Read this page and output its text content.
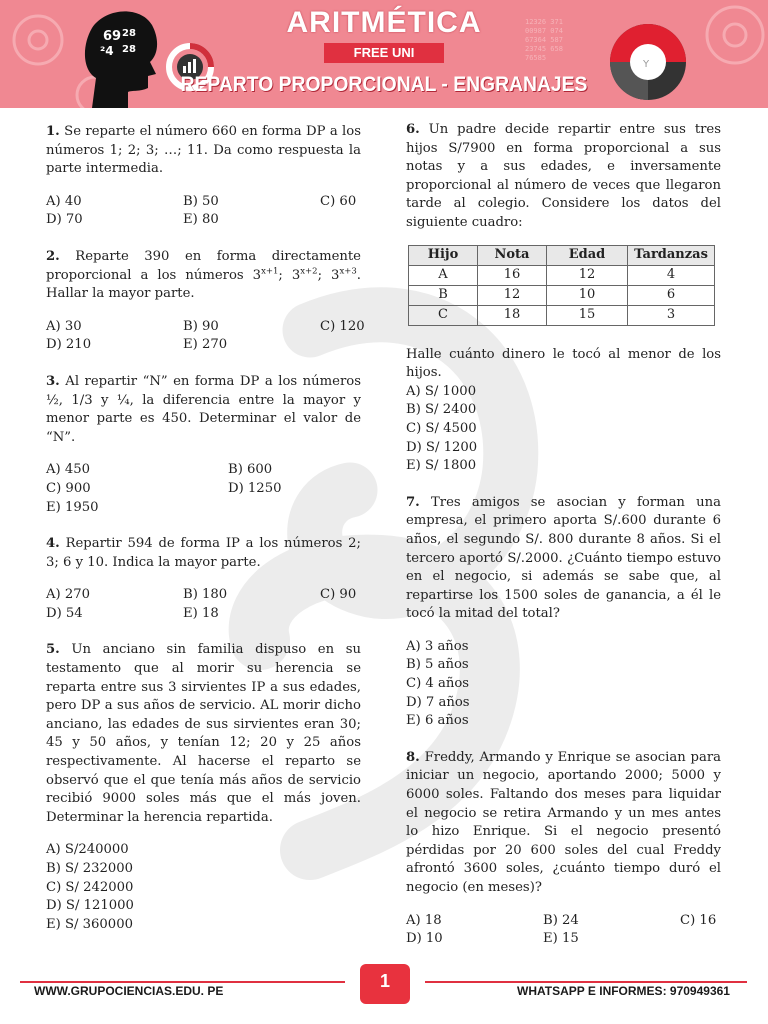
12326 371
00987 074
67364 587
23745 658
76585
69 28
²4 28
Y
ARITMÉTICA
FREE UNI
REPARTO PROPORCIONAL - ENGRANAJES

1. Se reparte el número 660 en forma DP a los números 1; 2; 3; …; 11. Da como respuesta la parte intermedia.

A) 40	B) 50	C) 60
D) 70	E) 80

2. Reparte 390 en forma directamente proporcional a los números $3^{x+1}$; $3^{x+2}$; $3^{x+3}$. Hallar la mayor parte.

A) 30	B) 90	C) 120
D) 210	E) 270

3. Al repartir “N” en forma DP a los números ½, 1/3 y ¼, la diferencia entre la mayor y menor parte es 450. Determinar el valor de “N”.

A) 450	B) 600
C) 900	D) 1250
E) 1950

4. Repartir 594 de forma IP a los números 2; 3; 6 y 10. Indica la mayor parte.

A) 270	B) 180	C) 90
D) 54	E) 18

5. Un anciano sin familia dispuso en su testamento que al morir su herencia se reparta entre sus 3 sirvientes IP a sus edades, pero DP a sus años de servicio. AL morir dicho anciano, las edades de sus sirvientes eran 30; 45 y 50 años, y tenían 12; 20 y 25 años respectivamente. Al hacerse el reparto se observó que el que tenía más años de servicio recibió 9000 soles más que el más joven. Determinar la herencia repartida.

A) S/240000
B) S/ 232000
C) S/ 242000
D) S/ 121000
E) S/ 360000

6. Un padre decide repartir entre sus tres hijos S/7900 en forma proporcional a sus notas y a sus edades, e inversamente proporcional al número de veces que llegaron tarde al colegio. Considere los datos del siguiente cuadro:

Hijo	Nota	Edad	Tardanzas
A	16	12	4
B	12	10	6
C	18	15	3

Halle cuánto dinero le tocó al menor de los hijos.

A) S/ 1000
B) S/ 2400
C) S/ 4500
D) S/ 1200
E) S/ 1800

7. Tres amigos se asocian y forman una empresa, el primero aporta S/.600 durante 6 años, el segundo S/. 800 durante 8 años. Si el tercero aportó S/.2000. ¿Cuánto tiempo estuvo en el negocio, si además se sabe que, al repartirse los 1500 soles de ganancia, a él le tocó la mitad del total?

A) 3 años
B) 5 años
C) 4 años
D) 7 años
E) 6 años

8. Freddy, Armando y Enrique se asocian para iniciar un negocio, aportando 2000; 5000 y 6000 soles. Faltando dos meses para liquidar el negocio se retira Armando y un mes antes lo hizo Enrique. Si el negocio presentó pérdidas por 20 600 soles del cual Freddy afrontó 3600 soles, ¿cuánto tiempo duró el negocio (en meses)?

A) 18	B) 24	C) 16
D) 10	E) 15
WWW.GRUPOCIENCIAS.EDU. PE	1	WHATSAPP E INFORMES: 970949361
